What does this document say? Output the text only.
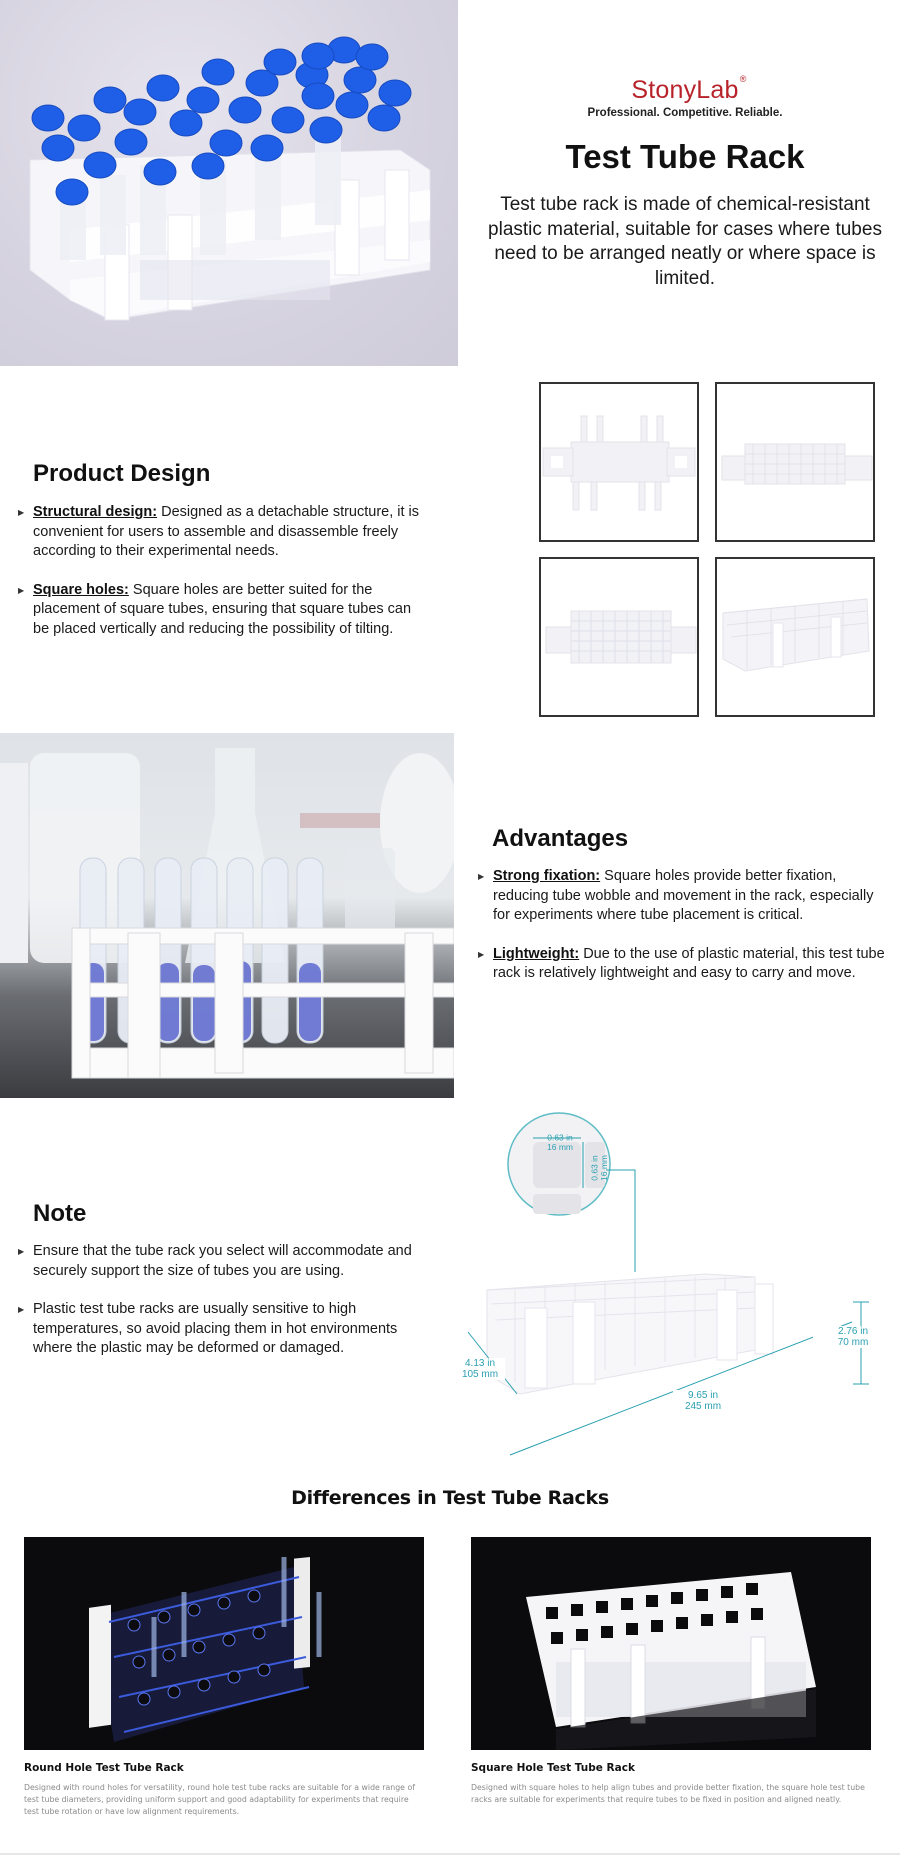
StonyLab ®
Professional. Competitive. Reliable.
Test Tube Rack
Test tube rack is made of chemical-resistant plastic material, suitable for cases where tubes need to be arranged neatly or where space is limited.
Product Design
▶ Structural design: Designed as a detachable structure, it is convenient for users to assemble and disassemble freely according to their experimental needs.
▶ Square holes: Square holes are better suited for the placement of square tubes, ensuring that square tubes can be placed vertically and reducing the possibility of tilting.
Advantages
▶ Strong fixation: Square holes provide better fixation, reducing tube wobble and movement in the rack, especially for experiments where tube placement is critical.
▶ Lightweight: Due to the use of plastic material, this test tube rack is relatively lightweight and easy to carry and move.
Note
▶ Ensure that the tube rack you select will accommodate and securely support the size of tubes you are using.
▶ Plastic test tube racks are usually sensitive to high temperatures, so avoid placing them in hot environments where the plastic may be deformed or damaged.
0.63 in
16 mm
0.63 in 16 mm
2.76 in
70 mm
4.13 in
105 mm
9.65 in
245 mm
Differences in Test Tube Racks
Round Hole Test Tube Rack
Designed with round holes for versatility, round hole test tube racks are suitable for a wide range of test tube diameters, providing uniform support and good adaptability for experiments that require test tube rotation or have low alignment requirements.
Square Hole Test Tube Rack
Designed with square holes to help align tubes and provide better fixation, the square hole test tube racks are suitable for experiments that require tubes to be fixed in position and aligned neatly.
